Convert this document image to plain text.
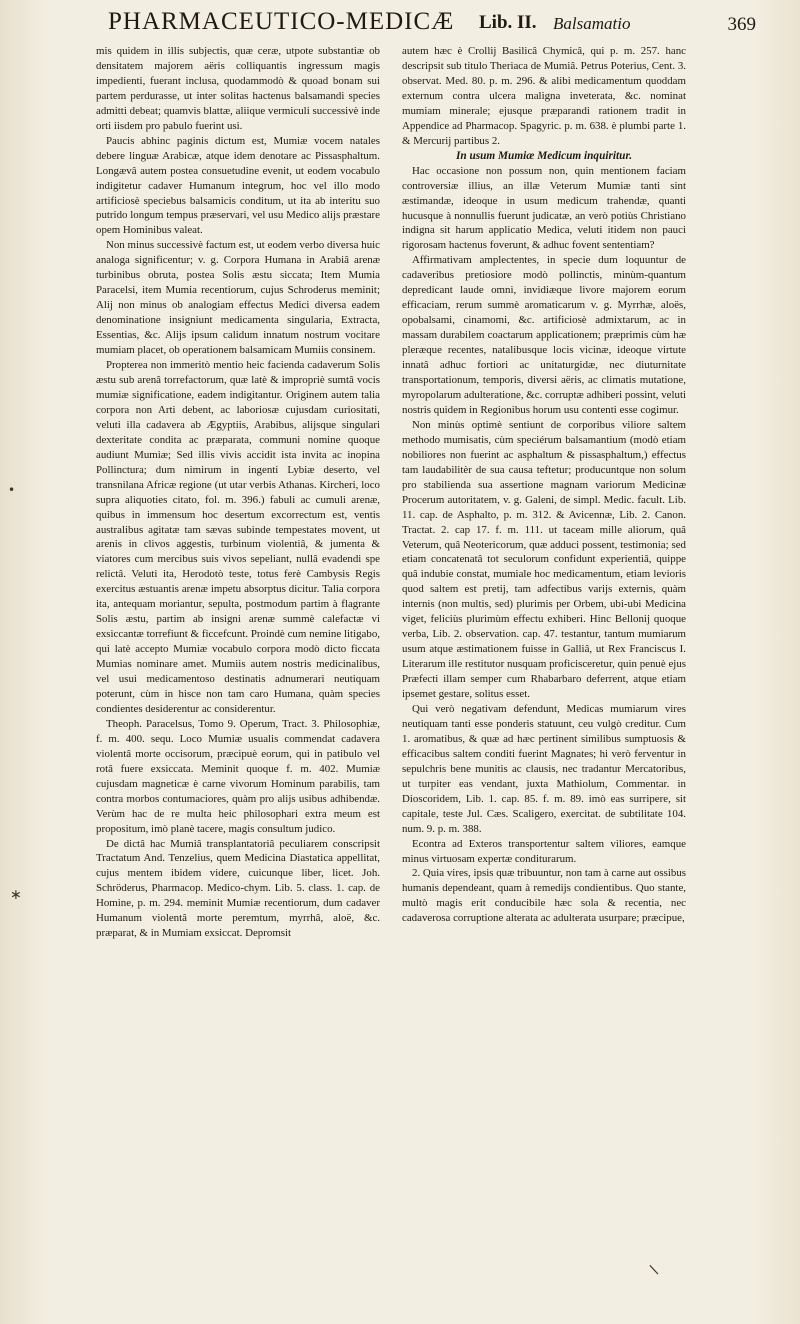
PHARMACEUTICO-MEDICÆ Lib. II. Balsamatio	369

mis quidem in illis subjectis, quæ ceræ, utpote substantiæ ob densitatem majorem aëris colliquantis ingressum magis impedienti, fuerant inclusa, quodammodò & quoad bonam sui partem perdurasse, ut inter solitas hactenus balsamandi species admitti debeat; quamvis blattæ, aliique vermiculi successivè inde orti iisdem pro pabulo fuerint usi.

Paucis abhinc paginis dictum est, Mumiæ vocem natales debere linguæ Arabicæ, atque idem denotare ac Pissasphaltum. Longævâ autem postea consuetudine evenit, ut eodem vocabulo indigitetur cadaver Humanum integrum, hoc vel illo modo artificiosè speciebus balsamicis conditum, ut ita ab interitu suo putrido longum tempus præservari, vel usu Medico alijs præstare opem Hominibus valeat.

Non minus successivè factum est, ut eodem verbo diversa huic analoga significentur; v. g. Corpora Humana in Arabiâ arenæ turbinibus obruta, postea Solis æstu siccata; Item Mumia Paracelsi, item Mumia recentiorum, cujus Schroderus meminit; Alij non minus ob analogiam effectus Medici diversa eadem denominatione insigniunt medicamenta singularia, Extracta, Essentias, &c. Alijs ipsum calidum innatum nostrum vocitare mumiam placet, ob operationem balsamicam Mumiis consinem.

Propterea non immeritò mentio heic facienda cadaverum Solis æstu sub arenâ torrefactorum, quæ latè & impropriè sumtâ vocis mumiæ significatione, eadem indigitantur. Originem autem talia corpora non Arti debent, ac laboriosæ cujusdam curiositati, veluti illa cadavera ab Ægyptiis, Arabibus, alijsque singulari dexteritate condita ac præparata, communi nomine quoque audiunt Mumiæ; Sed illis vivis accidit ista invita ac inopina Pollinctura; dum nimirum in ingenti Lybiæ deserto, vel transnilana Africæ regione (ut utar verbis Athanas. Kircheri, loco supra aliquoties citato, fol. m. 396.) fabuli ac cumuli arenæ, quibus in immensum hoc desertum excorrectum est, ventis australibus agitatæ tam sævas subinde tempestates movent, ut arenis in clivos aggestis, turbinum violentiâ, & jumenta & viatores cum mercibus suis vivos sepeliant, nullâ evadendi spe relictâ. Veluti ita, Herodotò teste, totus ferè Cambysis Regis exercitus æstuantis arenæ impetu absorptus dicitur. Talia corpora ita, antequam moriantur, sepulta, postmodum partim à flagrante Solis æstu, partim ab insigni arenæ summè calefactæ vi exsiccantæ torrefiunt & ficcefcunt. Proindè cum nemine litigabo, qui latè accepto Mumiæ vocabulo corpora modò dicto ficcata Mumias nominare amet. Mumiis autem nostris medicinalibus, vel usui medicamentoso destinatis adnumerari neutiquam poterunt, cùm in hisce non tam caro Humana, quàm species condientes desiderentur ac considerentur.

Theoph. Paracelsus, Tomo 9. Operum, Tract. 3. Philosophiæ, f. m. 400. sequ. Loco Mumiæ usualis commendat cadavera violentâ morte occisorum, præcipuè eorum, qui in patibulo vel rotâ fuere exsiccata. Meminit quoque f. m. 402. Mumiæ cujusdam magneticæ è carne vivorum Hominum parabilis, tam contra morbos contumaciores, quàm pro alijs usibus adhibendæ. Verùm hac de re multa heic philosophari extra meum est propositum, imò planè tacere, magis consultum judico.

De dictâ hac Mumiâ transplantatoriâ peculiarem conscripsit Tractatum And. Tenzelius, quem Medicina Diastatica appellitat, cujus mentem ibidem videre, cuicunque liber, licet. Joh. Schröderus, Pharmacop. Medico-chym. Lib. 5. class. 1. cap. de Homine, p. m. 294. meminit Mumiæ recentiorum, dum cadaver Humanum violentâ morte peremtum, myrrhâ, aloë, &c. præparat, & in Mumiam exsiccat. Depromsit

autem hæc è Crollij Basilicâ Chymicâ, qui p. m. 257. hanc descripsit sub titulo Theriaca de Mumiâ. Petrus Poterius, Cent. 3. observat. Med. 80. p. m. 296. & alibi medicamentum quoddam externum contra ulcera maligna inveterata, &c. nominat mumiam minerale; ejusque præparandi rationem tradit in Appendice ad Pharmacop. Spagyric. p. m. 638. è plumbi parte 1. & Mercurij partibus 2.

In usum Mumiæ Medicum inquiritur.

Hac occasione non possum non, quin mentionem faciam controversiæ illius, an illæ Veterum Mumiæ tanti sint æstimandæ, ideoque in usum medicum trahendæ, quanti hucusque à nonnullis fuerunt judicatæ, an verò potiùs Christiano indigna sit harum applicatio Medica, veluti itidem non pauci rigorosam hactenus foverunt, & adhuc fovent sententiam?

Affirmativam amplectentes, in specie dum loquuntur de cadaveribus pretiosiore modò pollinctis, minùm-quantum depredicant laude omni, invidiæque livore majorem eorum efficaciam, rerum summè aromaticarum v. g. Myrrhæ, aloës, opobalsami, cinamomi, &c. artificiosè admixtarum, ac in massam durabilem coactarum applicationem; præprimis cùm hæ pleræque recentes, natalibusque locis vicinæ, ideoque virtute innatâ adhuc fortiori ac unitaturgidæ, nec diuturnitate transportationum, temporis, diversi aëris, ac climatis mutatione, myropolarum adulteratione, &c. corruptæ adhiberi possint, veluti nostris quidem in Regionibus horum usu contenti esse cogimur.

Non minùs optimè sentiunt de corporibus viliore saltem methodo mumisatis, cùm speciérum balsamantium (modò etiam nobiliores non fuerint ac asphaltum & pissasphaltum,) effectus tam laudabilitèr de sua causa teftetur; producuntque non solum pro stabilienda sua assertione magnam variorum Medicinæ Procerum autoritatem, v. g. Galeni, de simpl. Medic. facult. Lib. 11. cap. de Asphalto, p. m. 312. & Avicennæ, Lib. 2. Canon. Tractat. 2. cap 17. f. m. 111. ut taceam mille aliorum, quâ Veterum, quâ Neotericorum, quæ adduci possent, testimonia; sed etiam concatenatâ tot seculorum confidunt experientiâ, quippe quâ indubie constat, mumiale hoc medicamentum, etiam levioris quod saltem est pretij, tam adfectibus varijs externis, quàm internis (non multis, sed) plurimis per Orbem, ubi-ubi Medicina viget, feliciùs plurimùm effectu exhiberi. Hinc Bellonij quoque verba, Lib. 2. observation. cap. 47. testantur, tantum mumiarum usum atque æstimationem fuisse in Galliâ, ut Rex Franciscus I. Literarum ille restitutor nusquam proficisceretur, quin penuè ejus Præfecti illam semper cum Rhabarbaro deferrent, atque etiam ipsemet gestare, solitus esset.

Qui verò negativam defendunt, Medicas mumiarum vires neutiquam tanti esse ponderis statuunt, ceu vulgò creditur. Cum 1. aromatibus, & quæ ad hæc pertinent similibus sumptuosis & efficacibus saltem conditi fuerint Magnates; hi verò ferventur in sepulchris bene munitis ac clausis, nec tradantur Mercatoribus, ut turpiter eas vendant, juxta Mathiolum, Commentar. in Dioscoridem, Lib. 1. cap. 85. f. m. 89. imò eas surripere, sit capitale, teste Jul. Cæs. Scaligero, exercitat. de subtilitate 104. num. 9. p. m. 388.

Econtra ad Exteros transportentur saltem viliores, eamque minus virtuosam expertæ conditurarum.

2. Quia vires, ipsis quæ tribuuntur, non tam à carne aut ossibus humanis dependeant, quam à remedijs condientibus. Quo stante, multò magis erit conducibile hæc sola & recentia, nec cadaverosa corruptione alterata ac adulterata usurpare; præcipue,

•
∗
/
